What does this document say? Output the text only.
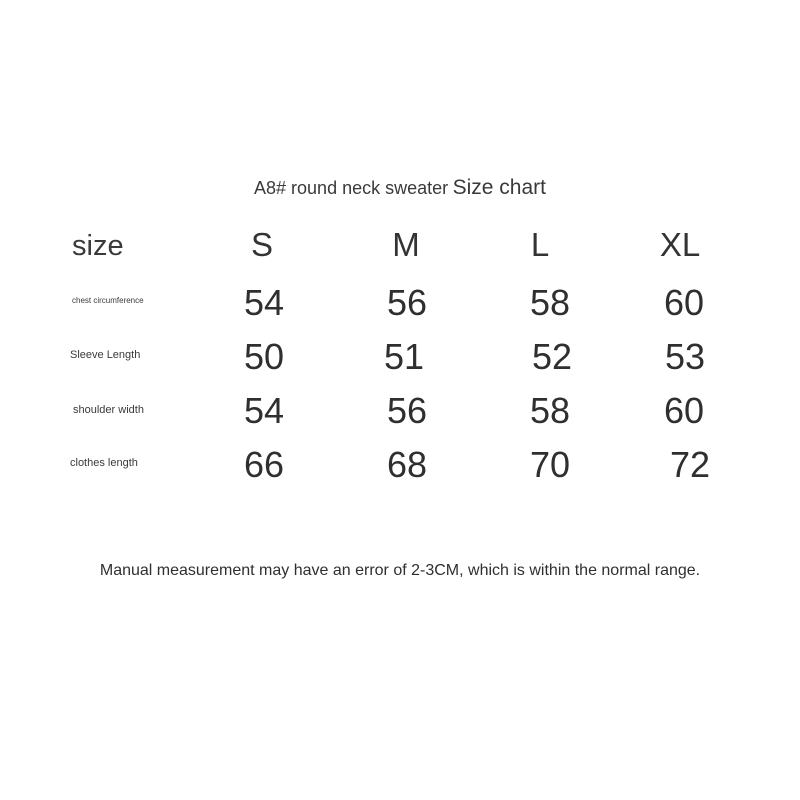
A8# round neck sweater Size chart
size	S	M	L	XL
chest circumference	54	56	58	60
Sleeve Length	50	51	52	53
shoulder width	54	56	58	60
clothes length	66	68	70	72
Manual measurement may have an error of 2-3CM, which is within the normal range.
